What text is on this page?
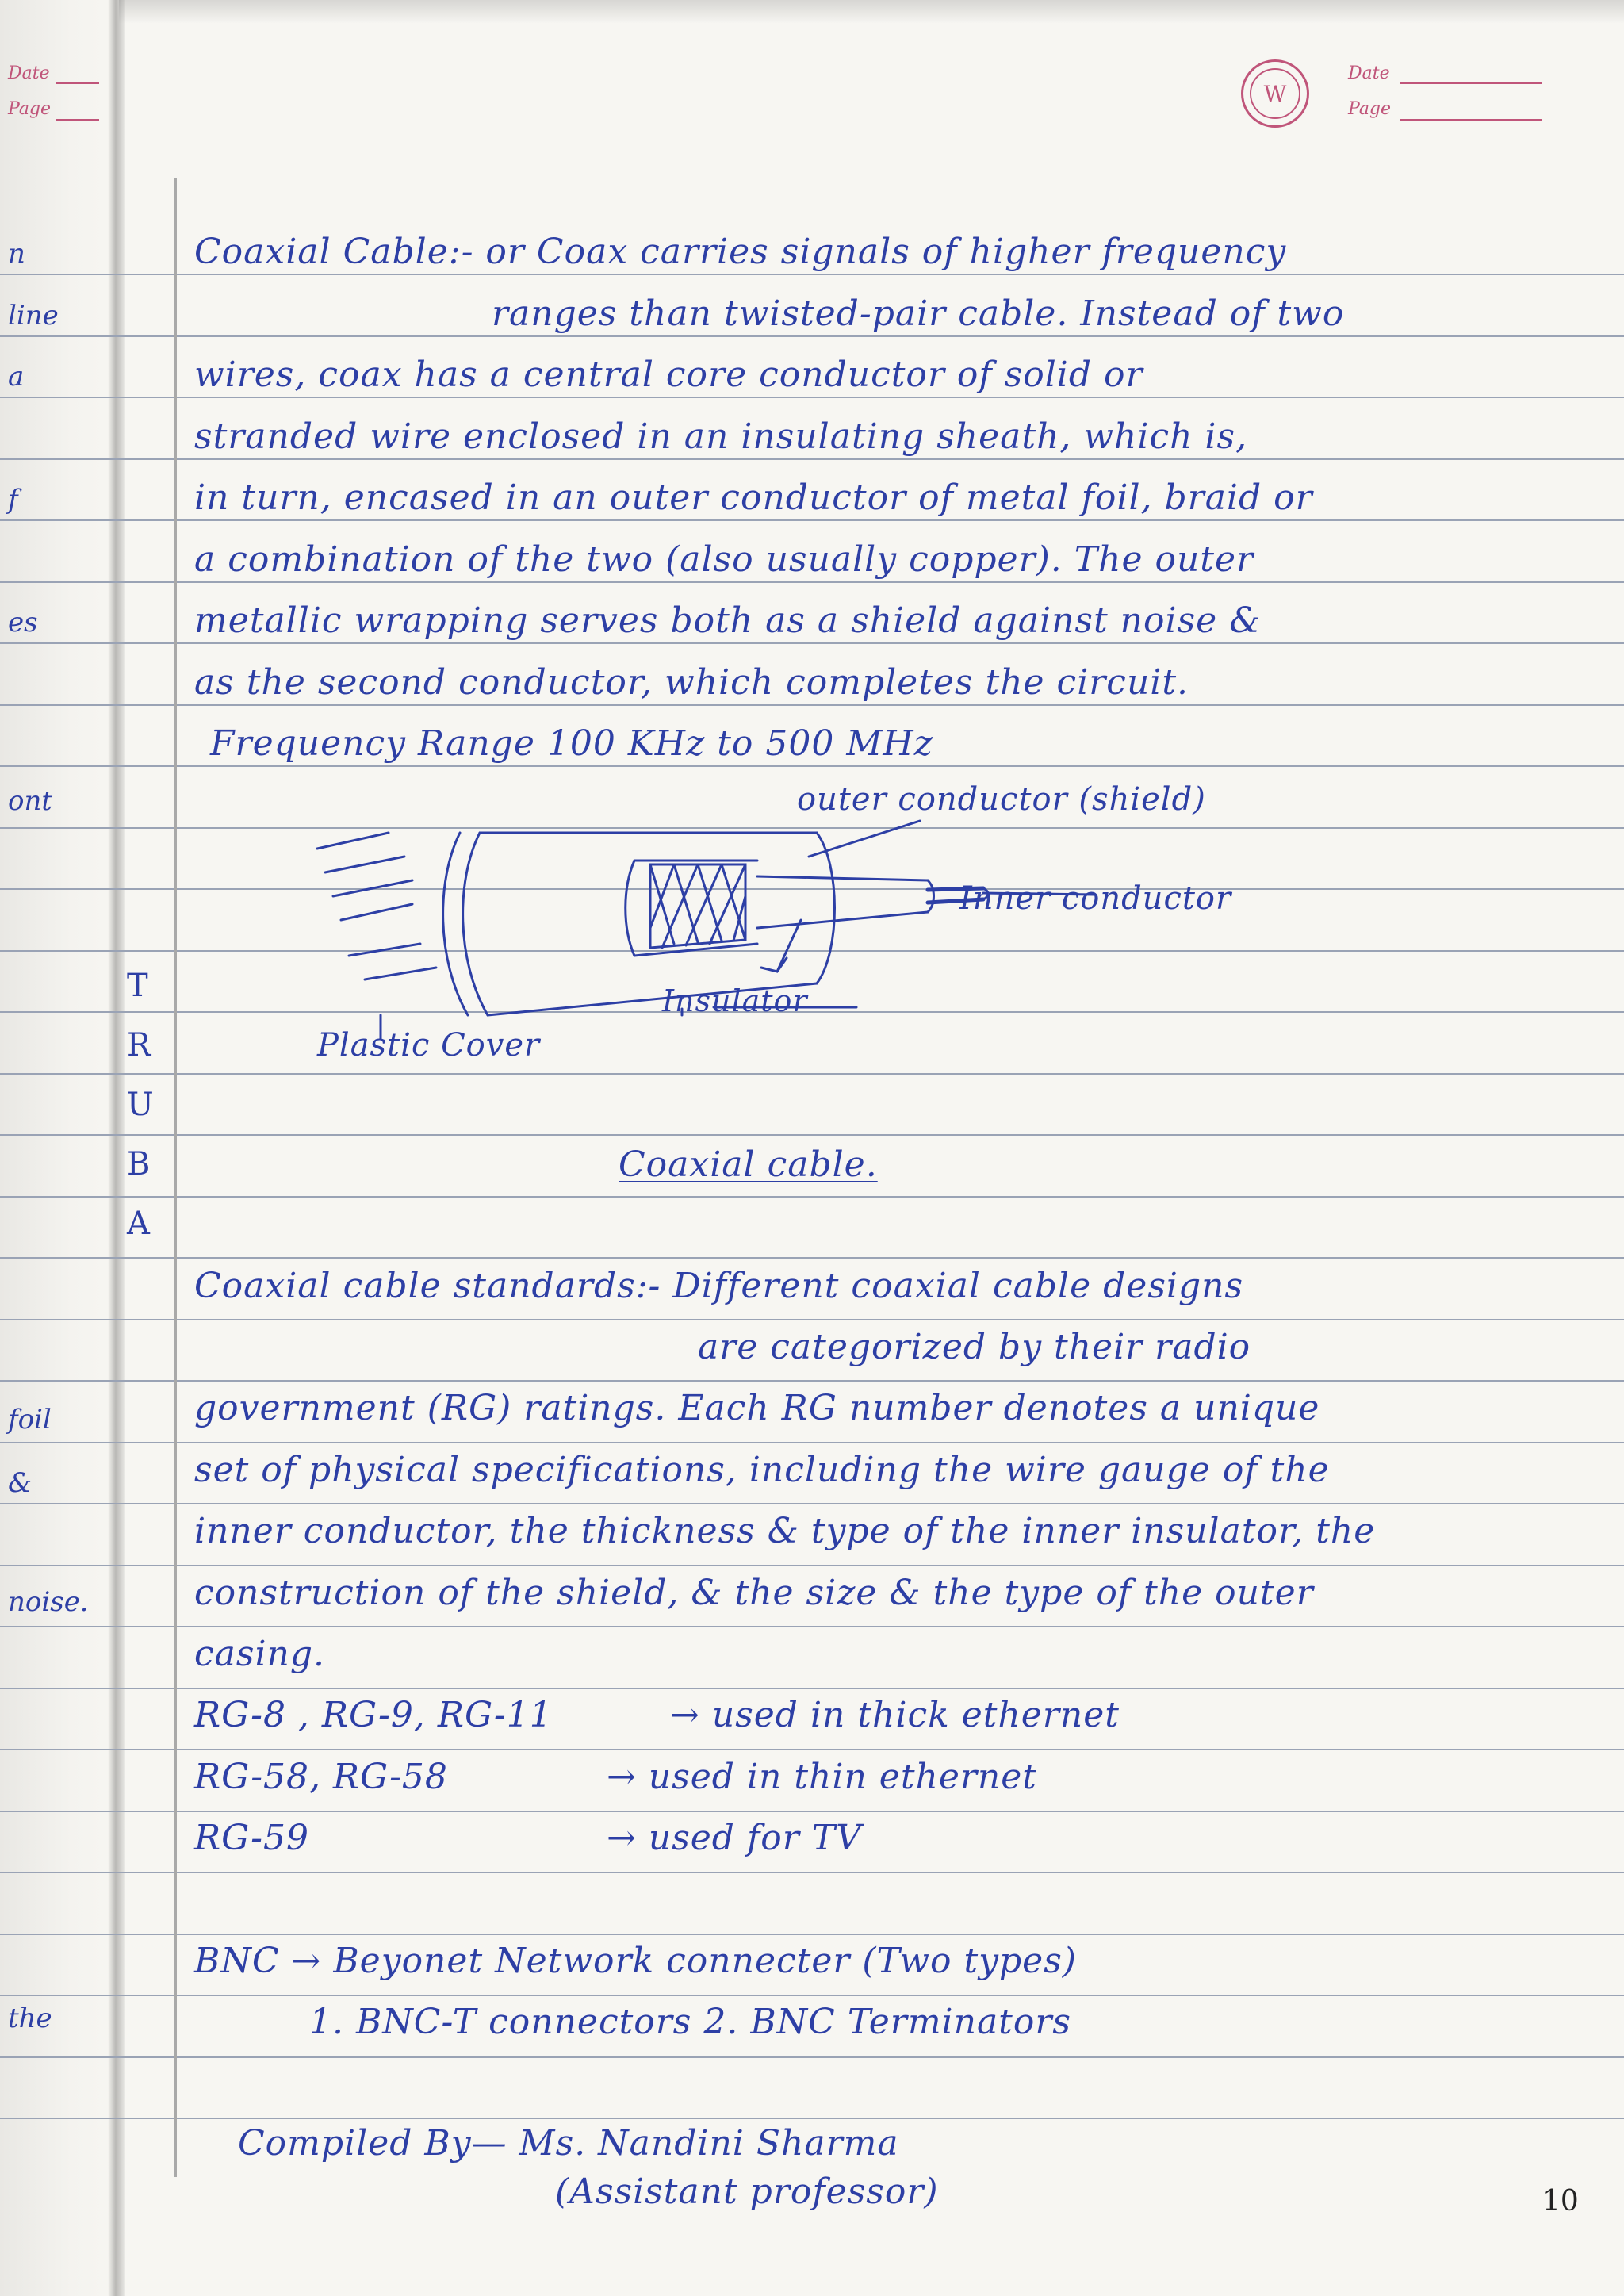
Date
Page
W
Date
Page
n
line
a
f
es
ont
foil
&
noise.
the
T
R
U
B
A
Coaxial Cable:- or Coax carries signals of higher frequency
ranges than twisted-pair cable. Instead of two
wires, coax has a central core conductor of solid or
stranded wire enclosed in an insulating sheath, which is,
in turn, encased in an outer conductor of metal foil, braid or
a combination of the two (also usually copper). The outer
metallic wrapping serves both as a shield against noise &
as the second conductor, which completes the circuit.
Frequency Range 100 KHz to 500 MHz
outer conductor (shield)
Inner conductor
Insulator
Plastic Cover
Coaxial cable.
Coaxial cable standards:- Different coaxial cable designs
are categorized by their radio
government (RG) ratings. Each RG number denotes a unique
set of physical specifications, including the wire gauge of the
inner conductor, the thickness & type of the inner insulator, the
construction of the shield, & the size & the type of the outer
casing.
RG-8 , RG-9, RG-11	→ used in thick ethernet
RG-58, RG-58	→ used in thin ethernet
RG-59	→ used for TV
BNC → Beyonet Network connecter (Two types)
1. BNC-T connectors 2. BNC Terminators
Compiled By— Ms. Nandini Sharma
(Assistant professor)	10
